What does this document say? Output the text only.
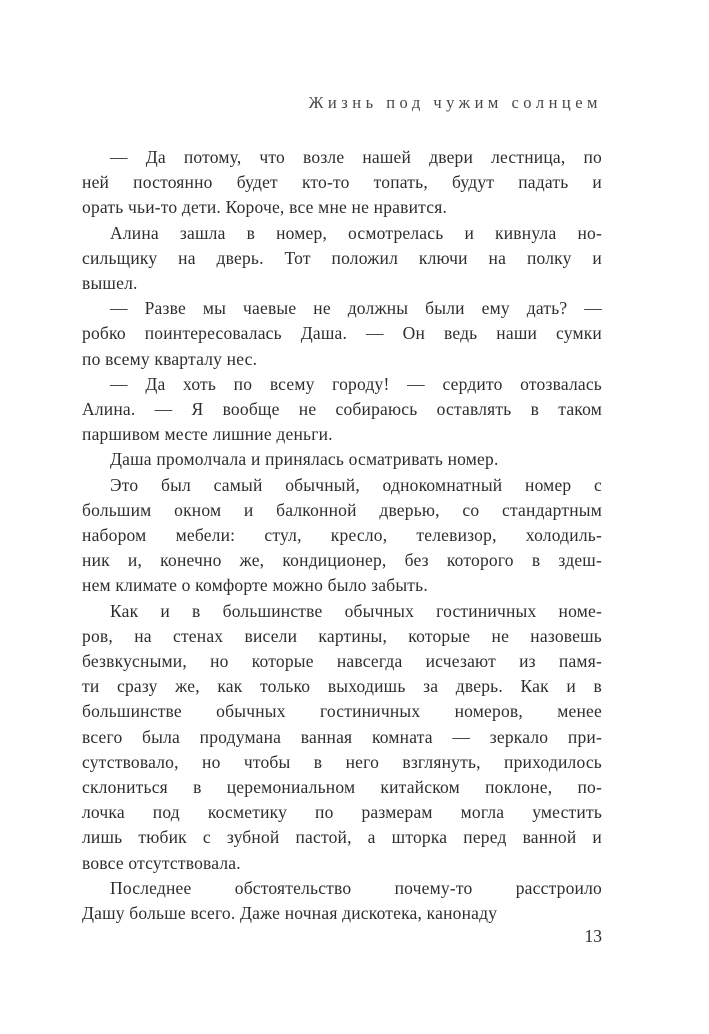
Жизнь под чужим солнцем
— Да потому, что возле нашей двери лестница, по
ней постоянно будет кто-то топать, будут падать и
орать чьи-то дети. Короче, все мне не нравится.
Алина зашла в номер, осмотрелась и кивнула но-
сильщику на дверь. Тот положил ключи на полку и
вышел.
— Разве мы чаевые не должны были ему дать? —
робко поинтересовалась Даша. — Он ведь наши сумки
по всему кварталу нес.
— Да хоть по всему городу! — сердито отозвалась
Алина. — Я вообще не собираюсь оставлять в таком
паршивом месте лишние деньги.
Даша промолчала и принялась осматривать номер.
Это был самый обычный, однокомнатный номер с
большим окном и балконной дверью, со стандартным
набором мебели: стул, кресло, телевизор, холодиль-
ник и, конечно же, кондиционер, без которого в здеш-
нем климате о комфорте можно было забыть.
Как и в большинстве обычных гостиничных номе-
ров, на стенах висели картины, которые не назовешь
безвкусными, но которые навсегда исчезают из памя-
ти сразу же, как только выходишь за дверь. Как и в
большинстве обычных гостиничных номеров, менее
всего была продумана ванная комната — зеркало при-
сутствовало, но чтобы в него взглянуть, приходилось
склониться в церемониальном китайском поклоне, по-
лочка под косметику по размерам могла уместить
лишь тюбик с зубной пастой, а шторка перед ванной и
вовсе отсутствовала.
Последнее обстоятельство почему-то расстроило
Дашу больше всего. Даже ночная дискотека, канонаду
13
